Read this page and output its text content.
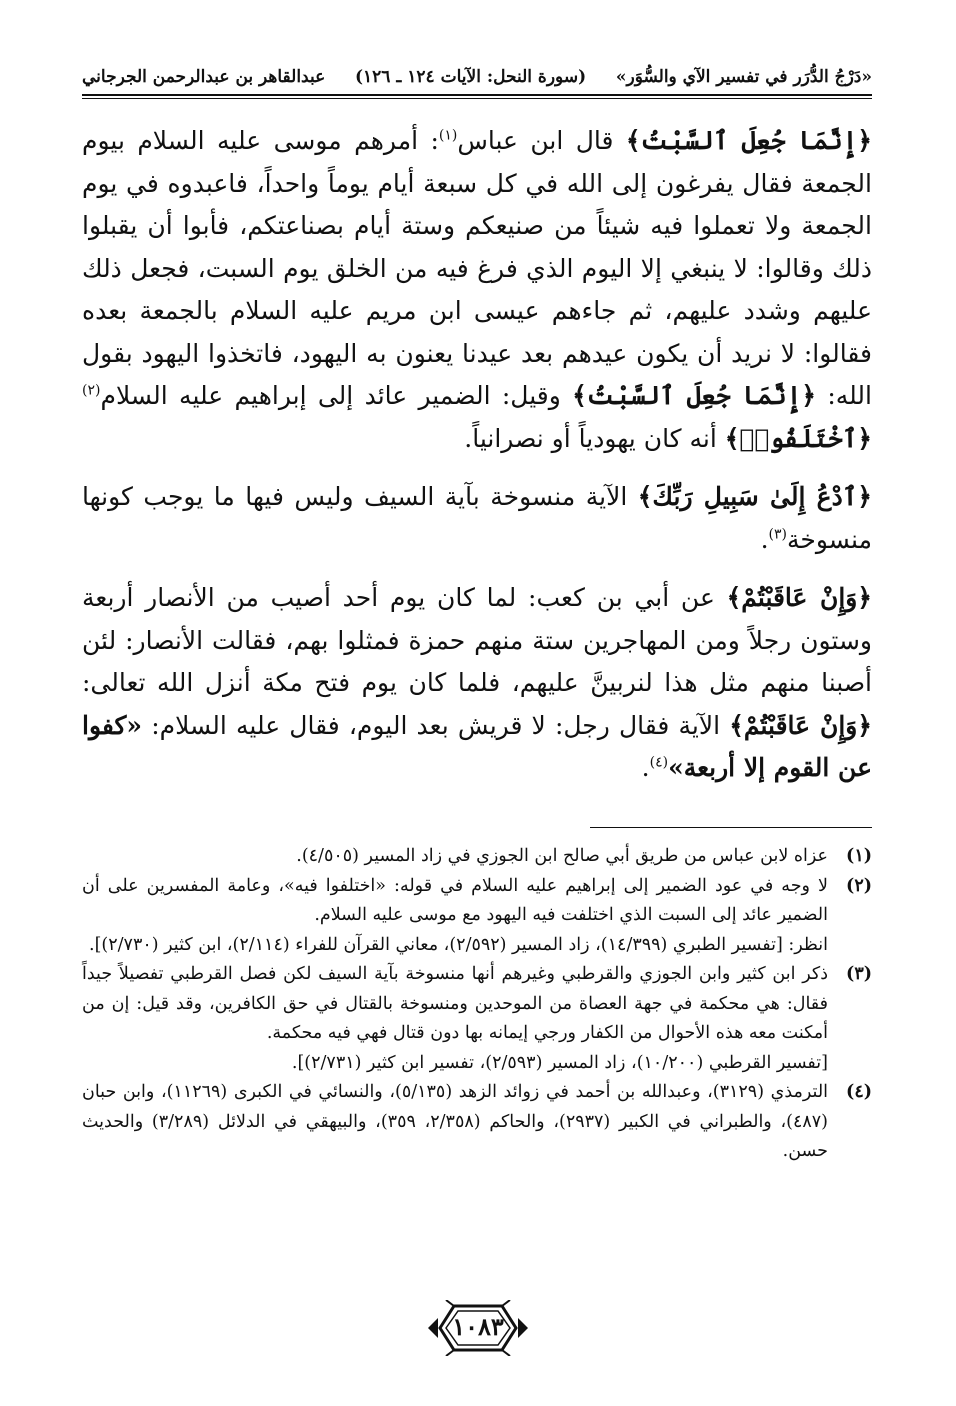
«دَرْجُ الدُّرَر في تفسير الآي والسُّوَر»
(سورة النحل: الآيات ١٢٤ ـ ١٢٦)
عبدالقاهر بن عبدالرحمن الجرجاني

﴿إِنَّمَا جُعِلَ ٱلسَّبْتُ﴾ قال ابن عباس$^{(١)}$: أمرهم موسى عليه السلام بيوم الجمعة فقال يفرغون إلى الله في كل سبعة أيام يوماً واحداً، فاعبدوه في يوم الجمعة ولا تعملوا فيه شيئاً من صنيعكم وستة أيام بصناعتكم، فأبوا أن يقبلوا ذلك وقالوا: لا ينبغي إلا اليوم الذي فرغ فيه من الخلق يوم السبت، فجعل ذلك عليهم وشدد عليهم، ثم جاءهم عيسى ابن مريم عليه السلام بالجمعة بعده فقالوا: لا نريد أن يكون عيدهم بعد عيدنا يعنون به اليهود، فاتخذوا اليهود بقول الله: ﴿إِنَّمَا جُعِلَ ٱلسَّبْتُ﴾ وقيل: الضمير عائد إلى إبراهيم عليه السلام$^{(٢)}$ ﴿ٱخْتَلَفُوا۟﴾ أنه كان يهودياً أو نصرانياً.

﴿ٱدْعُ إِلَىٰ سَبِيلِ رَبِّكَ﴾ الآية منسوخة بآية السيف وليس فيها ما يوجب كونها منسوخة$^{(٣)}$.

﴿وَإِنْ عَاقَبْتُمْ﴾ عن أبي بن كعب: لما كان يوم أحد أصيب من الأنصار أربعة وستون رجلاً ومن المهاجرين ستة منهم حمزة فمثلوا بهم، فقالت الأنصار: لئن أصبنا منهم مثل هذا لنربينَّ عليهم، فلما كان يوم فتح مكة أنزل الله تعالى: ﴿وَإِنْ عَاقَبْتُمْ﴾ الآية فقال رجل: لا قريش بعد اليوم، فقال عليه السلام: «كفوا عن القوم إلا أربعة»$^{(٤)}$.

(١)

عزاه لابن عباس من طريق أبي صالح ابن الجوزي في زاد المسير (٤/٥٠٥).

(٢)

لا وجه في عود الضمير إلى إبراهيم عليه السلام في قوله: «اختلفوا فيه»، وعامة المفسرين على أن الضمير عائد إلى السبت الذي اختلفت فيه اليهود مع موسى عليه السلام.

انظر: [تفسير الطبري (١٤/٣٩٩)، زاد المسير (٢/٥٩٢)، معاني القرآن للفراء (٢/١١٤)، ابن كثير (٢/٧٣٠)].

(٣)

ذكر ابن كثير وابن الجوزي والقرطبي وغيرهم أنها منسوخة بآية السيف لكن فصل القرطبي تفصيلاً جيداً فقال: هي محكمة في جهة العصاة من الموحدين ومنسوخة بالقتال في حق الكافرين، وقد قيل: إن من أمكنت معه هذه الأحوال من الكفار ورجي إيمانه بها دون قتال فهي فيه محكمة.

[تفسير القرطبي (١٠/٢٠٠)، زاد المسير (٢/٥٩٣)، تفسير ابن كثير (٢/٧٣١)].

(٤)

الترمذي (٣١٢٩)، وعبدالله بن أحمد في زوائد الزهد (٥/١٣٥)، والنسائي في الكبرى (١١٢٦٩)، وابن حبان (٤٨٧)، والطبراني في الكبير (٢٩٣٧)، والحاكم (٢/٣٥٨، ٣٥٩)، والبيهقي في الدلائل (٣/٢٨٩) والحديث حسن.

١٠٨٣
